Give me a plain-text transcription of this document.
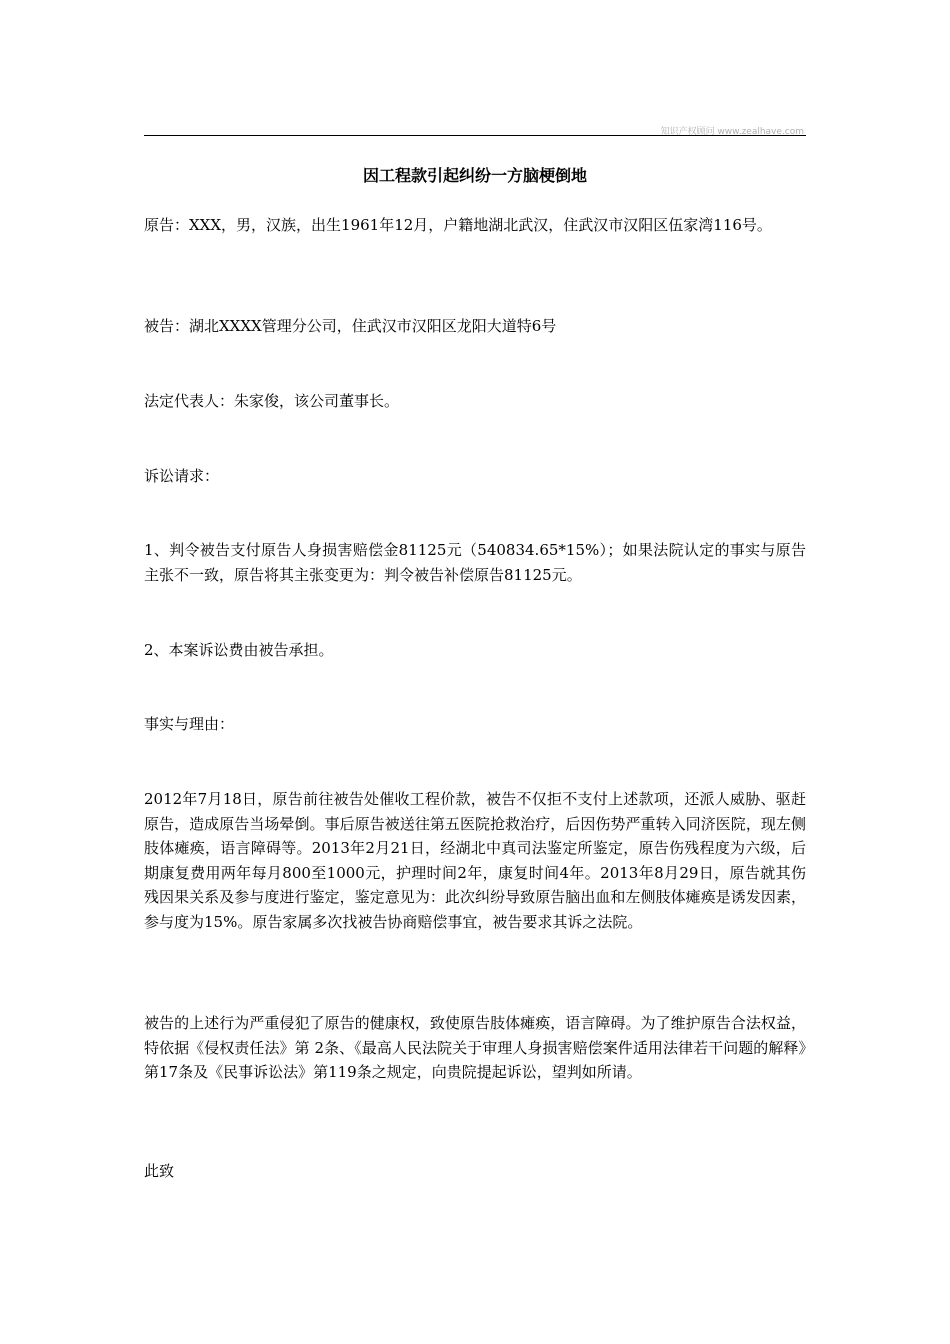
知识产权顾问 www.zealhave.com
因工程款引起纠纷一方脑梗倒地

原告：XXX，男，汉族，出生1961年12月，户籍地湖北武汉，住武汉市汉阳区伍家湾116号。

被告：湖北XXXX管理分公司，住武汉市汉阳区龙阳大道特6号

法定代表人：朱家俊，该公司董事长。

诉讼请求：

1、判令被告支付原告人身损害赔偿金81125元（540834.65*15%）；如果法院认定的事实与原告主张不一致，原告将其主张变更为：判令被告补偿原告81125元。

2、本案诉讼费由被告承担。

事实与理由：

2012年7月18日，原告前往被告处催收工程价款，被告不仅拒不支付上述款项，还派人威胁、驱赶原告，造成原告当场晕倒。事后原告被送往第五医院抢救治疗，后因伤势严重转入同济医院，现左侧肢体瘫痪，语言障碍等。2013年2月21日，经湖北中真司法鉴定所鉴定，原告伤残程度为六级，后期康复费用两年每月800至1000元，护理时间2年，康复时间4年。2013年8月29日，原告就其伤残因果关系及参与度进行鉴定，鉴定意见为：此次纠纷导致原告脑出血和左侧肢体瘫痪是诱发因素，参与度为15%。原告家属多次找被告协商赔偿事宜，被告要求其诉之法院。

被告的上述行为严重侵犯了原告的健康权，致使原告肢体瘫痪，语言障碍。为了维护原告合法权益，特依据《侵权责任法》第 2条、《最高人民法院关于审理人身损害赔偿案件适用法律若干问题的解释》第17条及《民事诉讼法》第119条之规定，向贵院提起诉讼，望判如所请。

此致
